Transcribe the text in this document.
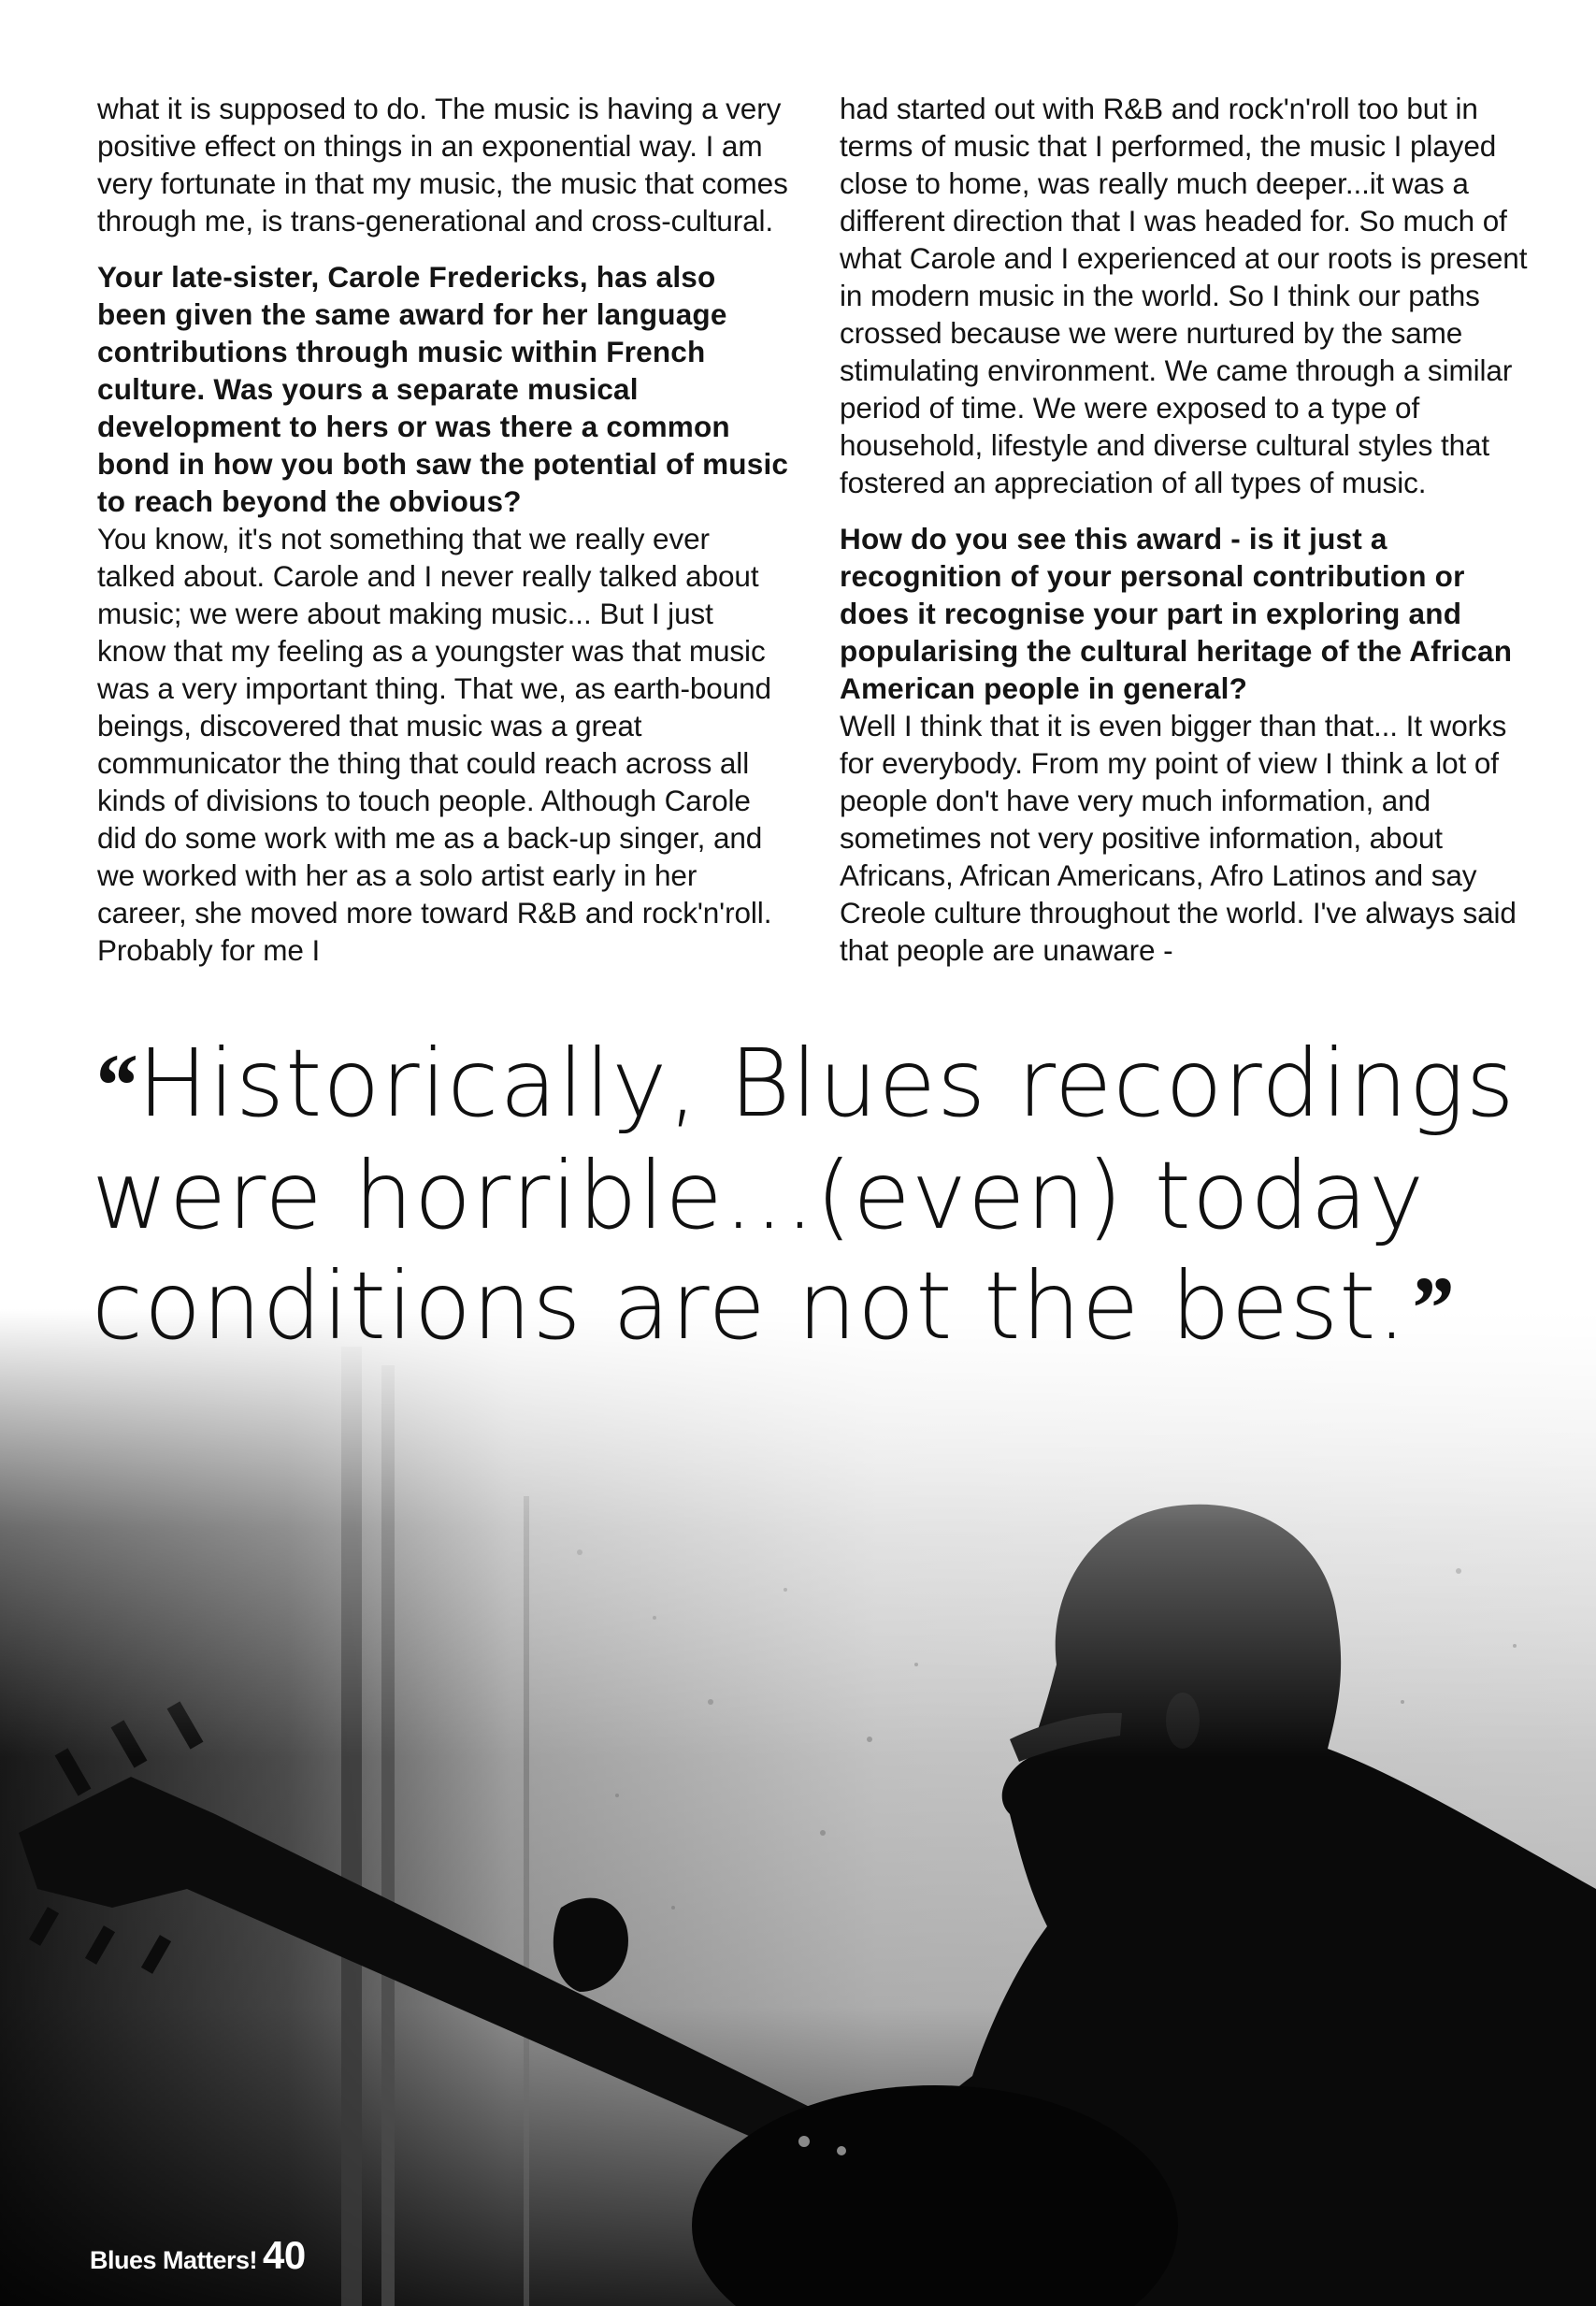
what it is supposed to do. The music is having a very positive effect on things in an exponential way. I am very fortunate in that my music, the music that comes through me, is trans-generational and cross-cultural.

Your late-sister, Carole Fredericks, has also been given the same award for her language contributions through music within French culture. Was yours a separate musical development to hers or was there a common bond in how you both saw the potential of music to reach beyond the obvious?

You know, it's not something that we really ever talked about. Carole and I never really talked about music; we were about making music... But I just know that my feeling as a youngster was that music was a very important thing. That we, as earth-bound beings, discovered that music was a great communicator the thing that could reach across all kinds of divisions to touch people. Although Carole did do some work with me as a back-up singer, and we worked with her as a solo artist early in her career, she moved more toward R&B and rock'n'roll. Probably for me I

had started out with R&B and rock'n'roll too but in terms of music that I performed, the music I played close to home, was really much deeper...it was a different direction that I was headed for. So much of what Carole and I experienced at our roots is present in modern music in the world. So I think our paths crossed because we were nurtured by the same stimulating environment. We came through a similar period of time. We were exposed to a type of household, lifestyle and diverse cultural styles that fostered an appreciation of all types of music.

How do you see this award - is it just a recognition of your personal contribution or does it recognise your part in exploring and popularising the cultural heritage of the African American people in general?

Well I think that it is even bigger than that... It works for everybody. From my point of view I think a lot of people don't have very much information, and sometimes not very positive information, about Africans, African Americans, Afro Latinos and say Creole culture throughout the world. I've always said that people are unaware -

“Historically, Blues recordings were horrible...(even) today conditions are not the best.”
Blues Matters! 40
